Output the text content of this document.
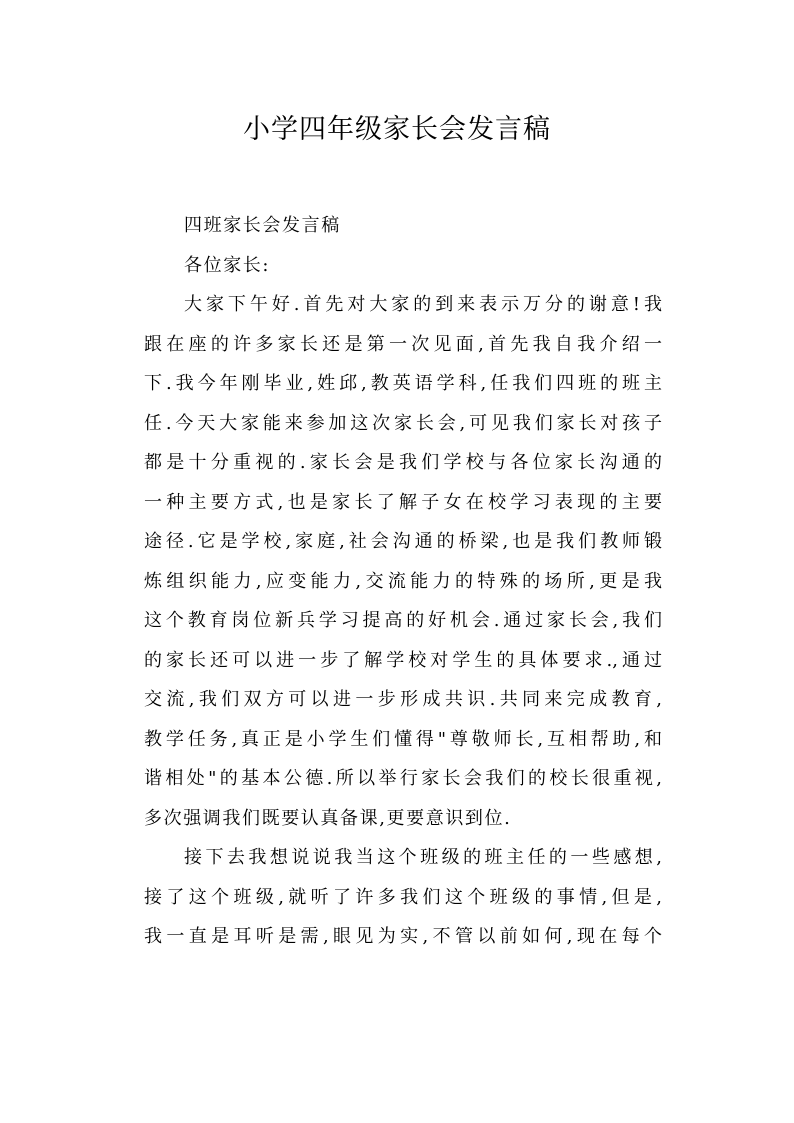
小学四年级家长会发言稿
四班家长会发言稿
各位家长:
大家下午好.首先对大家的到来表示万分的谢意!我
跟在座的许多家长还是第一次见面,首先我自我介绍一
下.我今年刚毕业,姓邱,教英语学科,任我们四班的班主
任.今天大家能来参加这次家长会,可见我们家长对孩子
都是十分重视的.家长会是我们学校与各位家长沟通的
一种主要方式,也是家长了解子女在校学习表现的主要
途径.它是学校,家庭,社会沟通的桥梁,也是我们教师锻
炼组织能力,应变能力,交流能力的特殊的场所,更是我
这个教育岗位新兵学习提高的好机会.通过家长会,我们
的家长还可以进一步了解学校对学生的具体要求.,通过
交流,我们双方可以进一步形成共识.共同来完成教育,
教学任务,真正是小学生们懂得"尊敬师长,互相帮助,和
谐相处"的基本公德.所以举行家长会我们的校长很重视,
多次强调我们既要认真备课,更要意识到位.
接下去我想说说我当这个班级的班主任的一些感想,
接了这个班级,就听了许多我们这个班级的事情,但是,
我一直是耳听是需,眼见为实,不管以前如何,现在每个
